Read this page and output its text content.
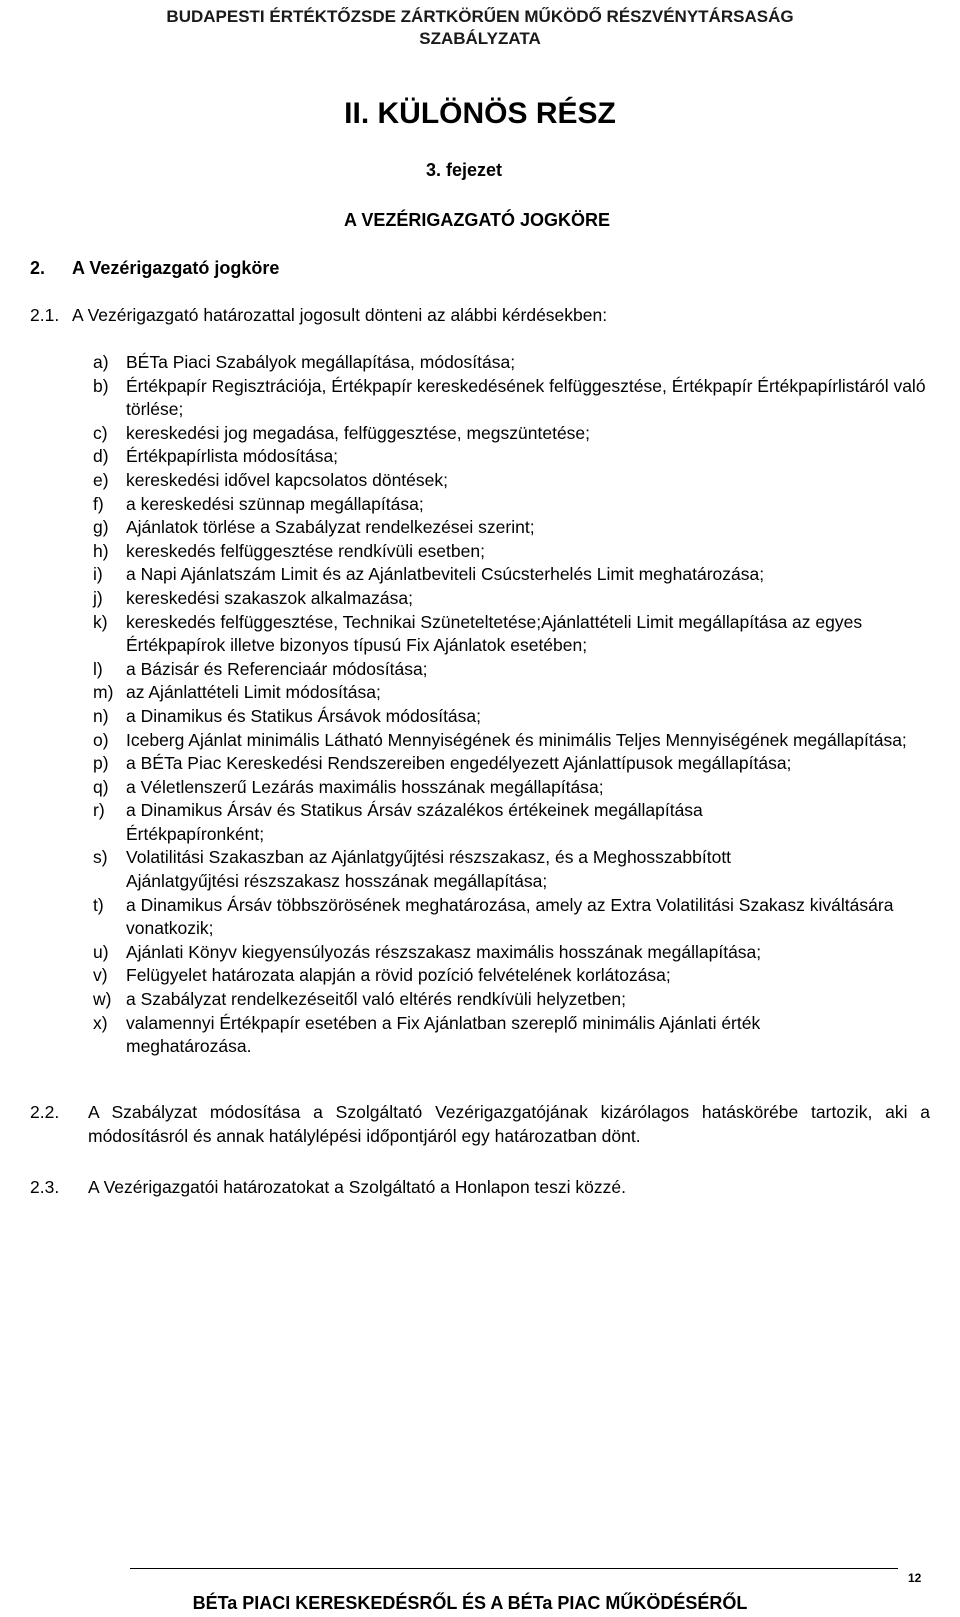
BUDAPESTI ÉRTÉKTŐZSDE ZÁRTKÖRŰEN MŰKÖDŐ RÉSZVÉNYTÁRSASÁG
SZABÁLYZATA
II. KÜLÖNÖS RÉSZ
3. fejezet
A VEZÉRIGAZGATÓ JOGKÖRE
2. A Vezérigazgató jogköre
2.1. A Vezérigazgató határozattal jogosult dönteni az alábbi kérdésekben:
a) BÉTa Piaci Szabályok megállapítása, módosítása;
b) Értékpapír Regisztrációja, Értékpapír kereskedésének felfüggesztése, Értékpapír Értékpapírlistáról való törlése;
c)	kereskedési jog megadása, felfüggesztése, megszüntetése;
d) Értékpapírlista módosítása;
e) kereskedési idővel kapcsolatos döntések;
f)	a kereskedési szünnap megállapítása;
g) Ajánlatok törlése a Szabályzat rendelkezései szerint;
h) kereskedés felfüggesztése rendkívüli esetben;
i)	a Napi Ajánlatszám Limit és az Ajánlatbeviteli Csúcsterhelés Limit meghatározása;
j)	kereskedési szakaszok alkalmazása;
k)	kereskedés felfüggesztése, Technikai Szüneteltetése;Ajánlattételi Limit megállapítása az egyes Értékpapírok illetve bizonyos típusú Fix Ajánlatok esetében;
l)	a Bázisár és Referenciaár módosítása;
m) az Ajánlattételi Limit módosítása;
n) a Dinamikus és Statikus Ársávok módosítása;
o) Iceberg Ajánlat minimális Látható Mennyiségének és minimális Teljes Mennyiségének megállapítása;
p) a BÉTa Piac Kereskedési Rendszereiben engedélyezett Ajánlattípusok megállapítása;
q) a Véletlenszerű Lezárás maximális hosszának megállapítása;
r)	a Dinamikus Ársáv és Statikus Ársáv százalékos értékeinek megállapítása Értékpapíronként;
s)	Volatilitási Szakaszban az Ajánlatgyűjtési részszakasz, és a Meghosszabbított Ajánlatgyűjtési részszakasz hosszának megállapítása;
t)	a Dinamikus Ársáv többszörösének meghatározása, amely az Extra Volatilitási Szakasz kiváltására vonatkozik;
u) Ajánlati Könyv kiegyensúlyozás részszakasz maximális hosszának megállapítása;
v)	Felügyelet határozata alapján a rövid pozíció felvételének korlátozása;
w) a Szabályzat rendelkezéseitől való eltérés rendkívüli helyzetben;
x)	valamennyi Értékpapír esetében a Fix Ajánlatban szereplő minimális Ajánlati érték meghatározása.
2.2.	A Szabályzat módosítása a Szolgáltató Vezérigazgatójának kizárólagos hatáskörébe tartozik, aki a módosításról és annak hatálylépési időpontjáról egy határozatban dönt.
2.3.	A Vezérigazgatói határozatokat a Szolgáltató a Honlapon teszi közzé.
12
BÉTa PIACI KERESKEDÉSRŐL ÉS A BÉTa PIAC MŰKÖDÉSÉRŐL
